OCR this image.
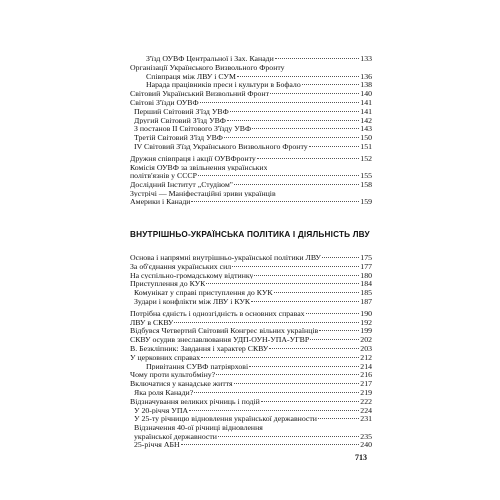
З'їзд ОУВФ Центральної і Зах. Канади	133
Організації Українського Визвольного Фронту
Співпраця між ЛВУ і СУМ	136
Нарада працівників преси і культури в Бофало	138
Світовий Український Визвольний Фронт	140
Світові З'їзди ОУВФ	141
Перший Світовий З'їзд УВФ	141
Другий Світовий З'їзд УВФ	142
З постанов ІІ Світового З'їзду УВФ	143
Третій Світовий З'їзд УВФ	150
IV Світовий З'їзд Українського Визвольного Фронту	151
Дружня співпраця і акції ОУВФронту	152
Комісія ОУВФ за звільнення українських
політв'язнів у СССР	155
Дослідний Інститут „Студіюм"	158
Зустрічі — Маніфестаційні зриви українців
Америки і Канади	159
ВНУТРІШНЬО-УКРАЇНСЬКА ПОЛІТИКА І ДІЯЛЬНІСТЬ ЛВУ
Основа і напрямні внутрішньо-української політики ЛВУ	175
За об'єднання українських сил	177
На суспільно-громадському відтинку	180
Приступлення до КУК	184
Комунікат у справі приступлення до КУК	185
Зудари і конфлікти між ЛВУ і КУК	187
Потрібна єдність і однозгідність в основних справах	190
ЛВУ в СКВУ	192
Відбувся Четвертий Світовий Конгрес вільних українців	199
СКВУ осудив знеславлювання УДП-ОУН-УПА-УГВР	202
В. Безкліпник: Завдання і характер СКВУ	203
У церковних справах	212
Привітання СУВФ патріярхові	214
Чому проти культобміну?	216
Включатися у канадське життя	217
Яка роля Канади?	219
Відзначування великих річниць і подій	222
У 20-річчя УПА	224
У 25-ту річницю відновлення української державности	231
Відзначення 40-ої річниці відновлення
української державности	235
25-річчя АБН	240
713
